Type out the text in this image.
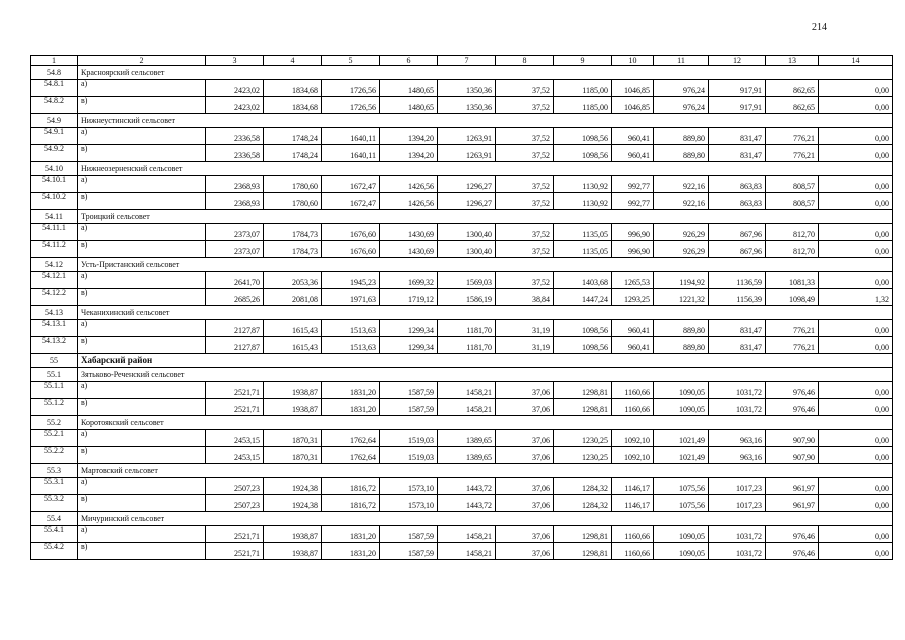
214
1	2	3	4	5	6	7	8	9	10	11	12	13	14
54.8	Красноярский сельсовет												
54.8.1	а)	2423,02	1834,68	1726,56	1480,65	1350,36	37,52	1185,00	1046,85	976,24	917,91	862,65	0,00
54.8.2	в)	2423,02	1834,68	1726,56	1480,65	1350,36	37,52	1185,00	1046,85	976,24	917,91	862,65	0,00
54.9	Нижнеустинский сельсовет												
54.9.1	а)	2336,58	1748,24	1640,11	1394,20	1263,91	37,52	1098,56	960,41	889,80	831,47	776,21	0,00
54.9.2	в)	2336,58	1748,24	1640,11	1394,20	1263,91	37,52	1098,56	960,41	889,80	831,47	776,21	0,00
54.10	Нижнеозерненский сельсовет												
54.10.1	а)	2368,93	1780,60	1672,47	1426,56	1296,27	37,52	1130,92	992,77	922,16	863,83	808,57	0,00
54.10.2	в)	2368,93	1780,60	1672,47	1426,56	1296,27	37,52	1130,92	992,77	922,16	863,83	808,57	0,00
54.11	Троицкий сельсовет												
54.11.1	а)	2373,07	1784,73	1676,60	1430,69	1300,40	37,52	1135,05	996,90	926,29	867,96	812,70	0,00
54.11.2	в)	2373,07	1784,73	1676,60	1430,69	1300,40	37,52	1135,05	996,90	926,29	867,96	812,70	0,00
54.12	Усть-Пристанский сельсовет												
54.12.1	а)	2641,70	2053,36	1945,23	1699,32	1569,03	37,52	1403,68	1265,53	1194,92	1136,59	1081,33	0,00
54.12.2	в)	2685,26	2081,08	1971,63	1719,12	1586,19	38,84	1447,24	1293,25	1221,32	1156,39	1098,49	1,32
54.13	Чеканихинский сельсовет												
54.13.1	а)	2127,87	1615,43	1513,63	1299,34	1181,70	31,19	1098,56	960,41	889,80	831,47	776,21	0,00
54.13.2	в)	2127,87	1615,43	1513,63	1299,34	1181,70	31,19	1098,56	960,41	889,80	831,47	776,21	0,00
55	Хабарский район												
55.1	Зятьково-Реченский сельсовет												
55.1.1	а)	2521,71	1938,87	1831,20	1587,59	1458,21	37,06	1298,81	1160,66	1090,05	1031,72	976,46	0,00
55.1.2	в)	2521,71	1938,87	1831,20	1587,59	1458,21	37,06	1298,81	1160,66	1090,05	1031,72	976,46	0,00
55.2	Коротоякский сельсовет												
55.2.1	а)	2453,15	1870,31	1762,64	1519,03	1389,65	37,06	1230,25	1092,10	1021,49	963,16	907,90	0,00
55.2.2	в)	2453,15	1870,31	1762,64	1519,03	1389,65	37,06	1230,25	1092,10	1021,49	963,16	907,90	0,00
55.3	Мартовский сельсовет												
55.3.1	а)	2507,23	1924,38	1816,72	1573,10	1443,72	37,06	1284,32	1146,17	1075,56	1017,23	961,97	0,00
55.3.2	в)	2507,23	1924,38	1816,72	1573,10	1443,72	37,06	1284,32	1146,17	1075,56	1017,23	961,97	0,00
55.4	Мичуринский сельсовет												
55.4.1	а)	2521,71	1938,87	1831,20	1587,59	1458,21	37,06	1298,81	1160,66	1090,05	1031,72	976,46	0,00
55.4.2	в)	2521,71	1938,87	1831,20	1587,59	1458,21	37,06	1298,81	1160,66	1090,05	1031,72	976,46	0,00
